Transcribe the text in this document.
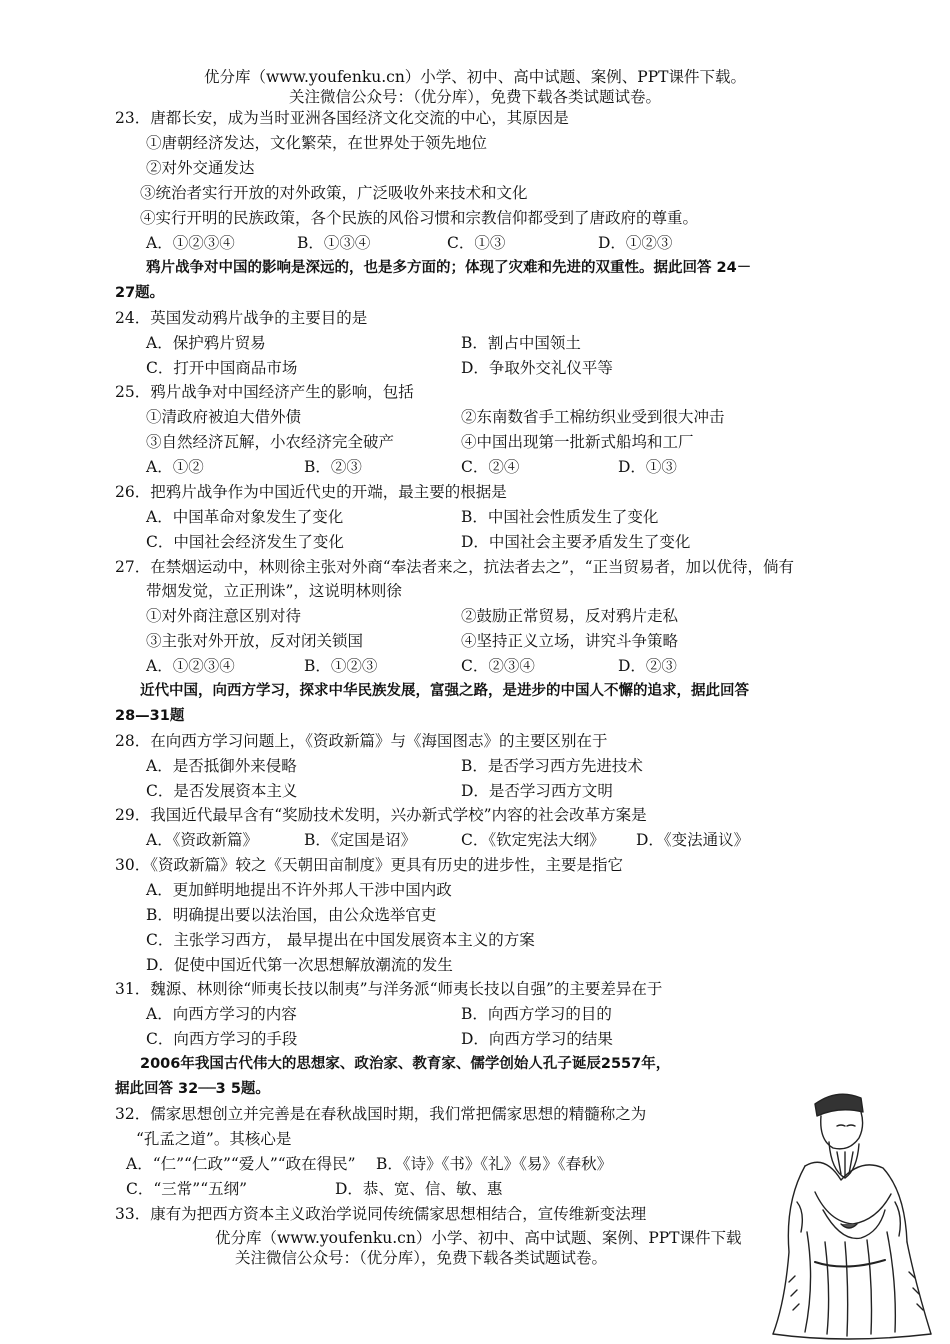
优分库（www.youfenku.cn）小学、初中、高中试题、案例、PPT课件下载。
关注微信公众号：（优分库），免费下载各类试题试卷。
23．唐都长安，成为当时亚洲各国经济文化交流的中心，其原因是
①唐朝经济发达，文化繁荣，在世界处于领先地位
②对外交通发达
③统治者实行开放的对外政策，广泛吸收外来技术和文化
④实行开明的民族政策，各个民族的风俗习惯和宗教信仰都受到了唐政府的尊重。
A．①②③④	B．①③④	C．①③	D．①②③
鸦片战争对中国的影响是深远的，也是多方面的；体现了灾难和先进的双重性。据此回答 24－
27题。
24．英国发动鸦片战争的主要目的是
A．保护鸦片贸易	B．割占中国领土
C．打开中国商品市场	D．争取外交礼仪平等
25．鸦片战争对中国经济产生的影响，包括
①清政府被迫大借外债	②东南数省手工棉纺织业受到很大冲击
③自然经济瓦解，小农经济完全破产	④中国出现第一批新式船坞和工厂
A．①②	B．②③	C．②④	D．①③
26．把鸦片战争作为中国近代史的开端，最主要的根据是
A．中国革命对象发生了变化	B．中国社会性质发生了变化
C．中国社会经济发生了变化	D．中国社会主要矛盾发生了变化
27．在禁烟运动中，林则徐主张对外商“奉法者来之，抗法者去之”，“正当贸易者，加以优待，倘有
带烟发觉，立正刑诛”，这说明林则徐
①对外商注意区别对待	②鼓励正常贸易，反对鸦片走私
③主张对外开放，反对闭关锁国	④坚持正义立场，讲究斗争策略
A．①②③④	B．①②③	C．②③④	D．②③
近代中国，向西方学习，探求中华民族发展，富强之路，是进步的中国人不懈的追求，据此回答
28—31题
28．在向西方学习问题上，《资政新篇》与《海国图志》的主要区别在于
A．是否抵御外来侵略	B．是否学习西方先进技术
C．是否发展资本主义	D．是否学习西方文明
29．我国近代最早含有“奖励技术发明，兴办新式学校”内容的社会改革方案是
A．《资政新篇》	B．《定国是诏》	C．《钦定宪法大纲》 D．《变法通议》
30．《资政新篇》较之《天朝田亩制度》更具有历史的进步性，主要是指它
A．更加鲜明地提出不许外邦人干涉中国内政
B．明确提出要以法治国，由公众选举官吏
C．主张学习西方， 最早提出在中国发展资本主义的方案
D．促使中国近代第一次思想解放潮流的发生
31．魏源、林则徐“师夷长技以制夷”与洋务派“师夷长技以自强”的主要差异在于
A．向西方学习的内容	B．向西方学习的目的
C．向西方学习的手段	D．向西方学习的结果
2006年我国古代伟大的思想家、政治家、教育家、儒学创始人孔子诞辰2557年，
据此回答 32──3 5题。
32．儒家思想创立并完善是在春秋战国时期，我们常把儒家思想的精髓称之为
“孔孟之道”。其核心是
A．“仁”“仁政”“爱人”“政在得民” B．《诗》《书》《礼》《易》《春秋》
C．“三常”“五纲”	D．恭、宽、信、敏、惠
33．康有为把西方资本主义政治学说同传统儒家思想相结合，宣传维新变法理
优分库（www.youfenku.cn）小学、初中、高中试题、案例、PPT课件下载
关注微信公众号：（优分库），免费下载各类试题试卷。
